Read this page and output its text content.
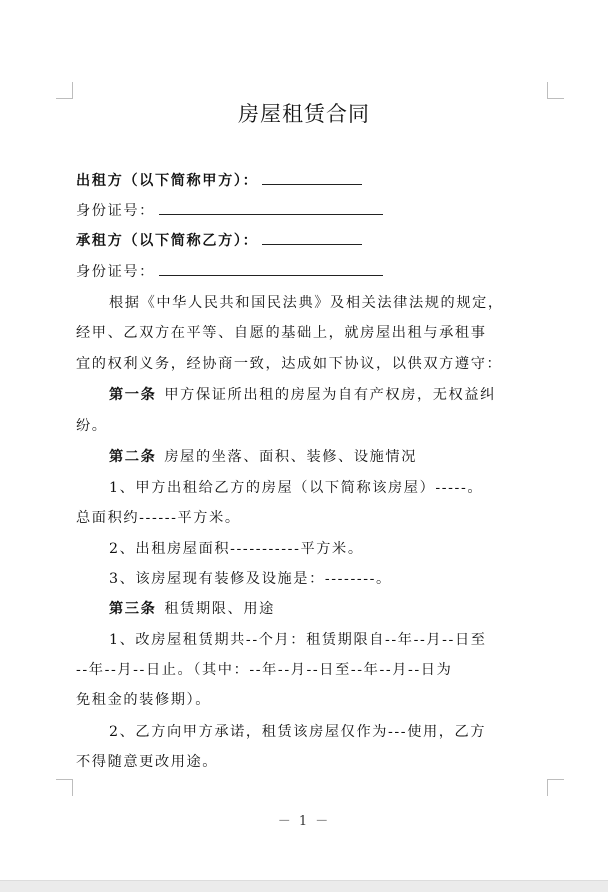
房屋租赁合同
出租方（以下简称甲方）：
身份证号：
承租方（以下简称乙方）：
身份证号：
根据《中华人民共和国民法典》及相关法律法规的规定，
经甲、乙双方在平等、自愿的基础上，就房屋出租与承租事
宜的权利义务，经协商一致，达成如下协议，以供双方遵守：
第一条 甲方保证所出租的房屋为自有产权房，无权益纠
纷。
第二条 房屋的坐落、面积、装修、设施情况
1、甲方出租给乙方的房屋（以下简称该房屋）-----。
总面积约------平方米。
2、出租房屋面积-----------平方米。
3、该房屋现有装修及设施是：--------。
第三条 租赁期限、用途
1、改房屋租赁期共--个月：租赁期限自--年--月--日至
--年--月--日止。（其中：--年--月--日至--年--月--日为
免租金的装修期）。
2、乙方向甲方承诺，租赁该房屋仅作为---使用，乙方
不得随意更改用途。
－ 1 －
